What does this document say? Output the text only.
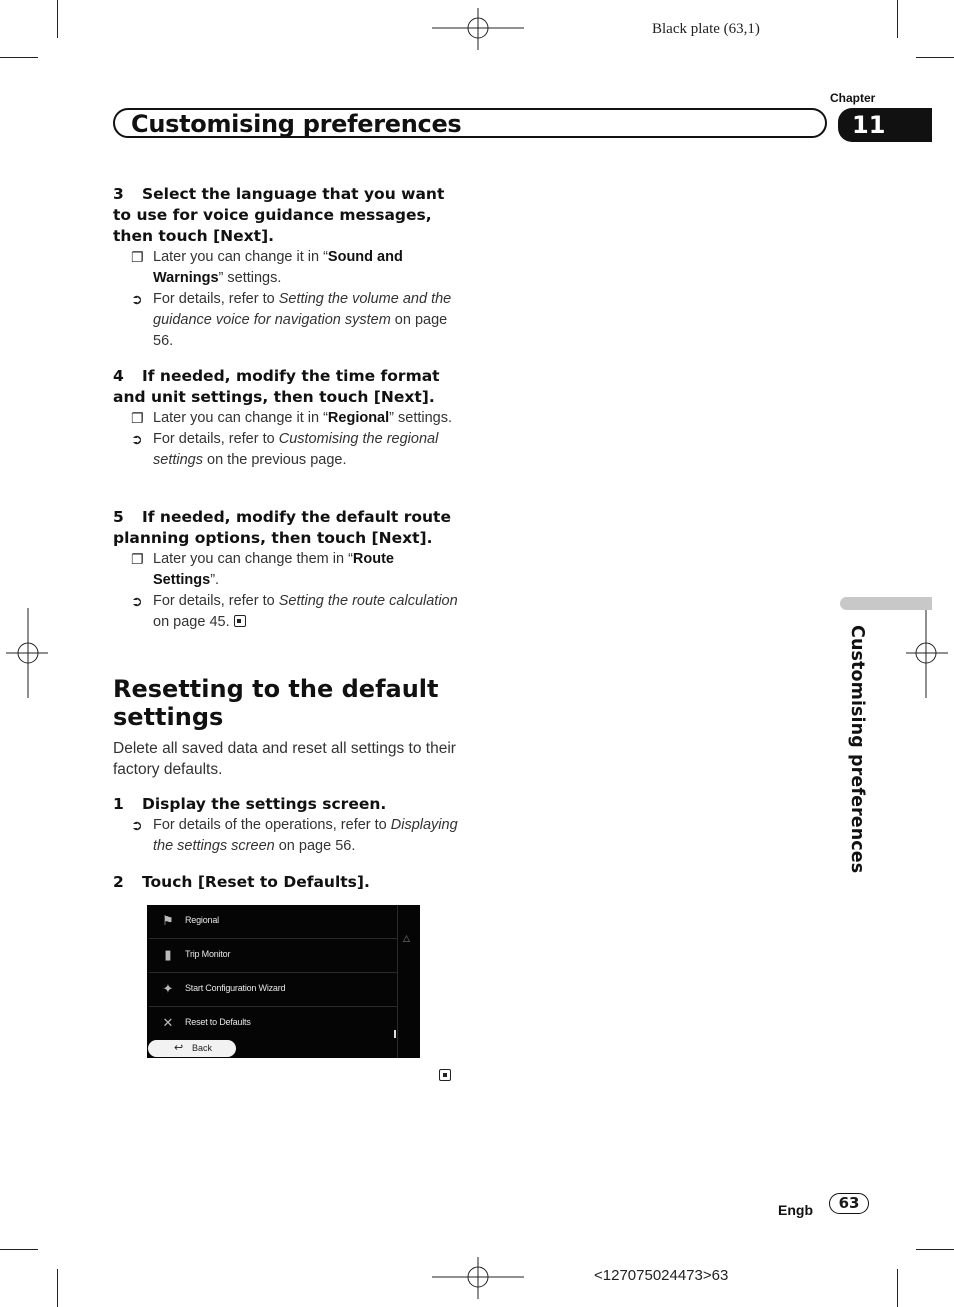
Black plate (63,1)
Chapter
Customising preferences	11
3 Select the language that you want to use for voice guidance messages, then touch [Next].
❐ Later you can change it in “Sound and Warnings” settings.
➲ For details, refer to Setting the volume and the guidance voice for navigation system on page 56.
4 If needed, modify the time format and unit settings, then touch [Next].
❐ Later you can change it in “Regional” settings.
➲ For details, refer to Customising the regional settings on the previous page.
5 If needed, modify the default route planning options, then touch [Next].
❐ Later you can change them in “Route Settings”.
➲ For details, refer to Setting the route calculation on page 45.
Resetting to the default settings
Delete all saved data and reset all settings to their factory defaults.
1 Display the settings screen.
➲ For details of the operations, refer to Displaying the settings screen on page 56.
2 Touch [Reset to Defaults].
⚑ Regional
▮	Trip Monitor
✦ Start Configuration Wizard
✕ Reset to Defaults
△
↩ Back
Customising preferences
Engb	63
<127075024473>63
